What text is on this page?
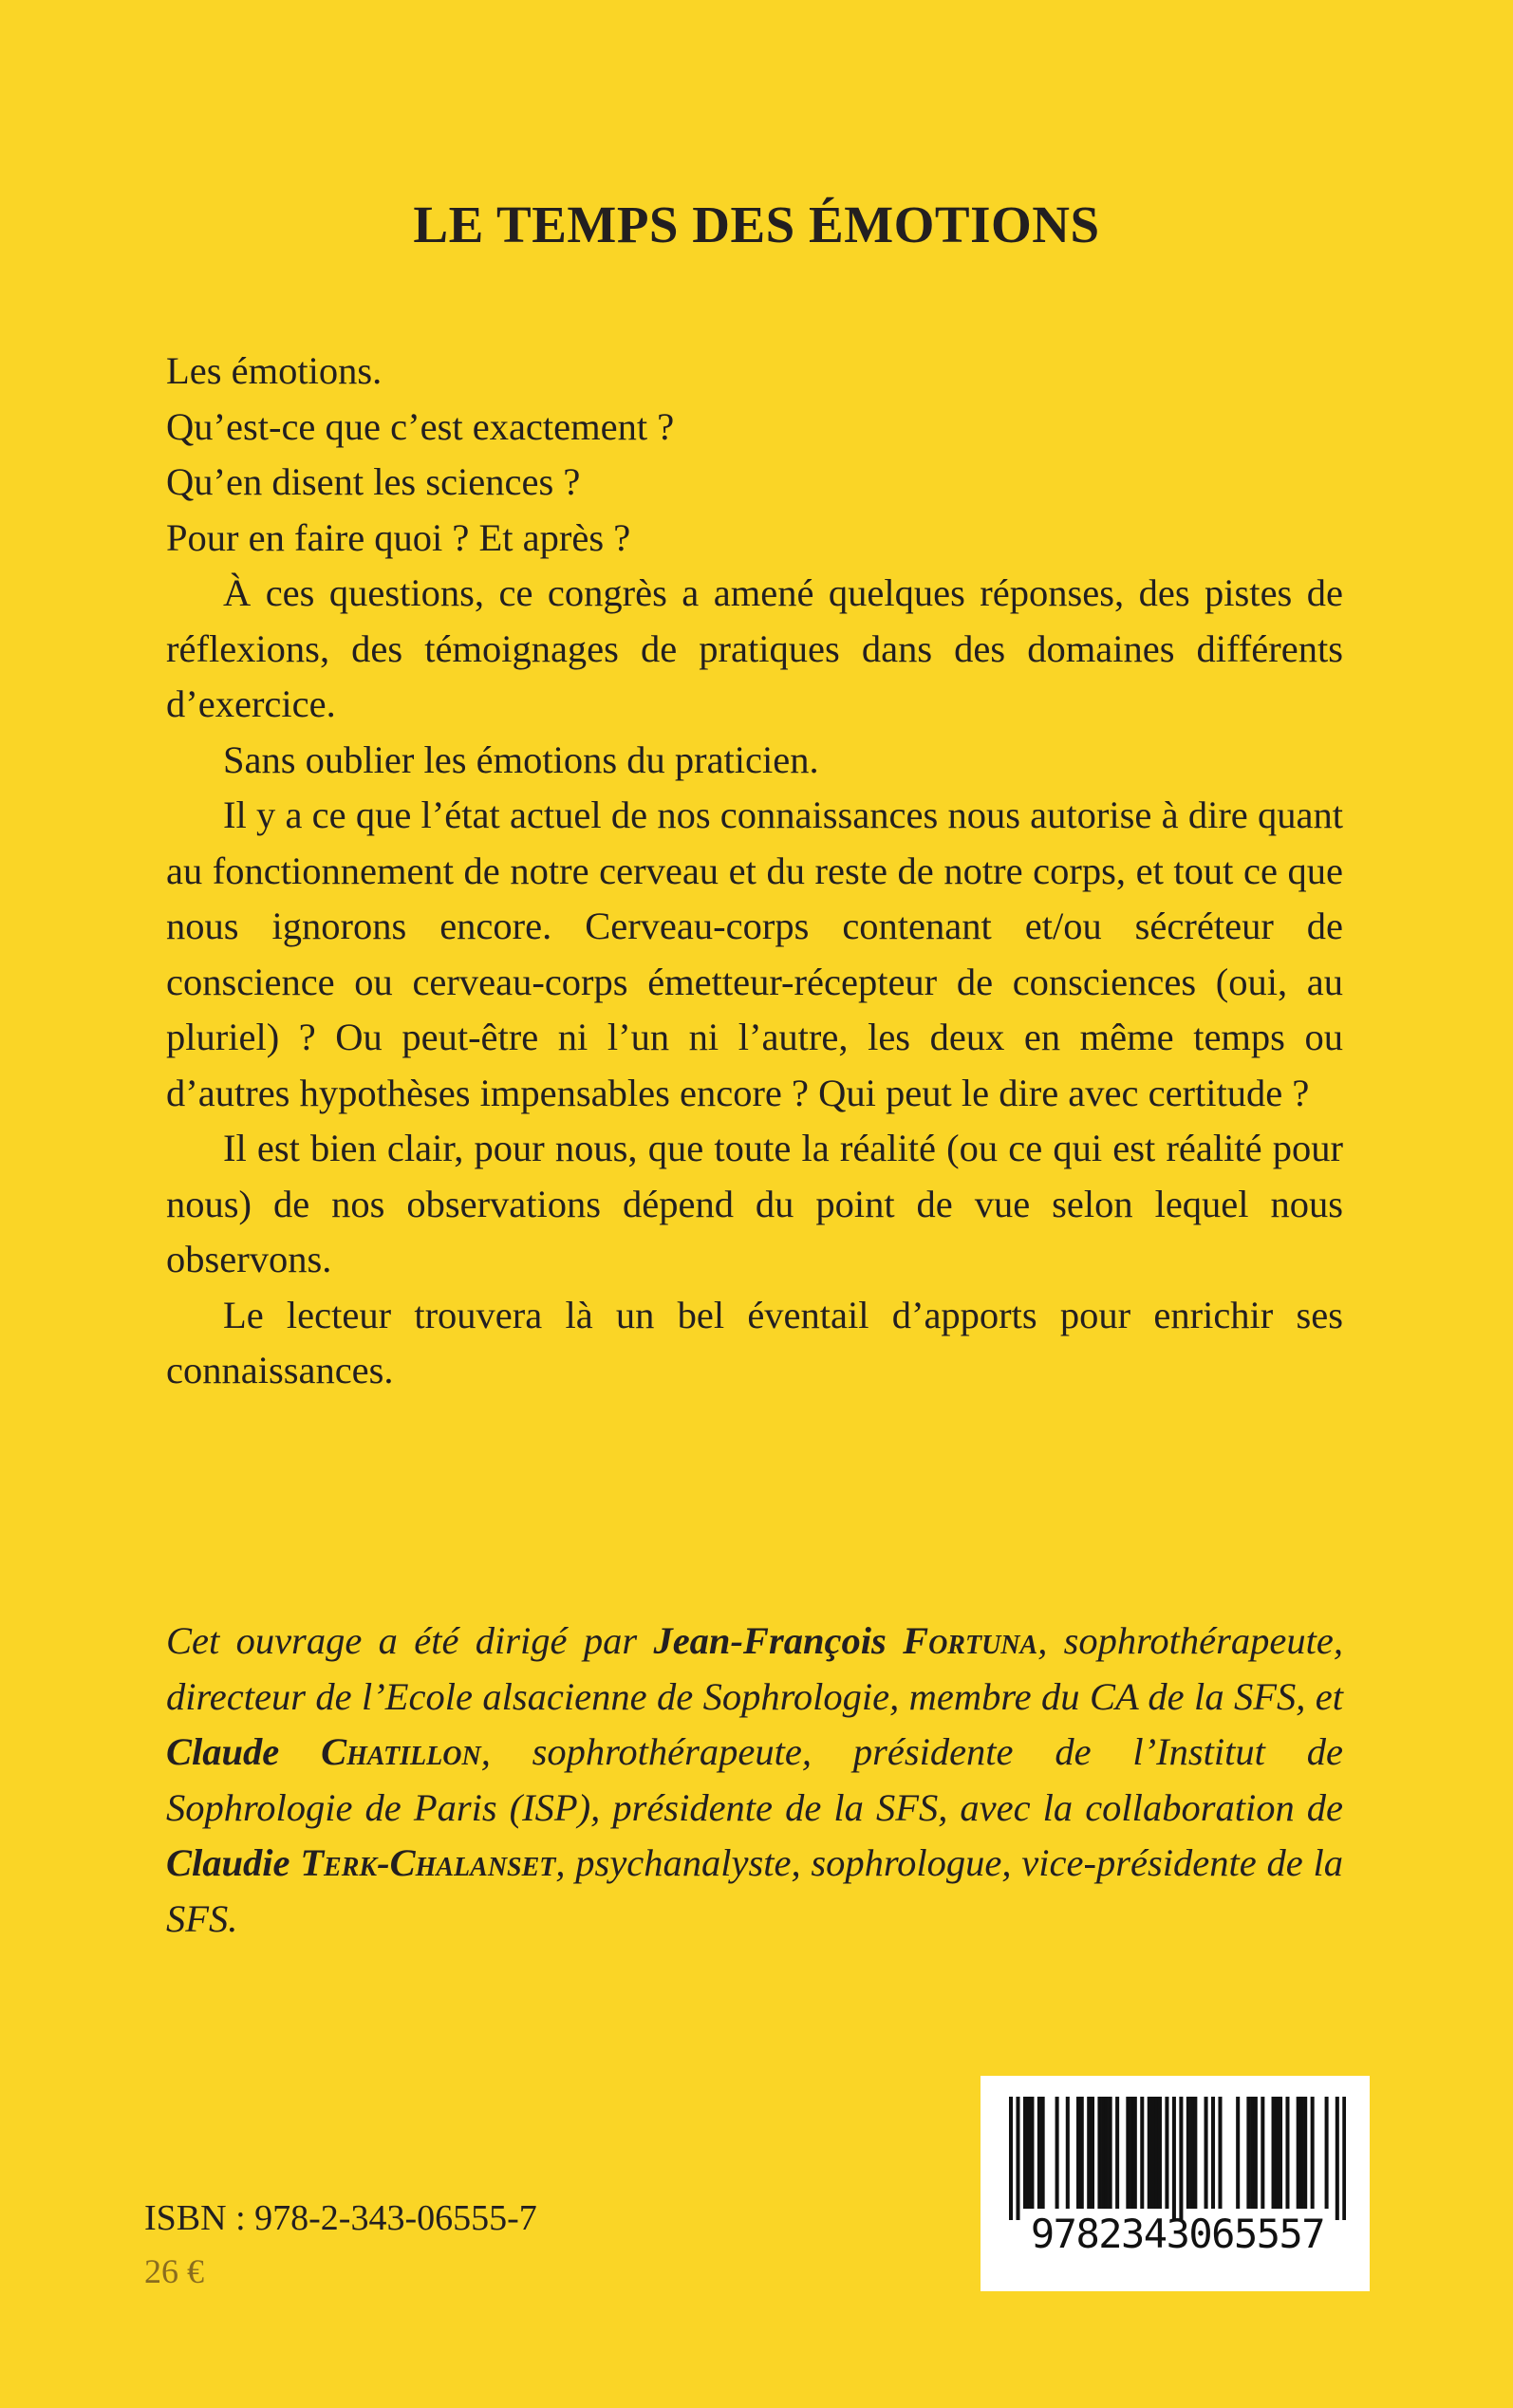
LE TEMPS DES ÉMOTIONS

Les émotions.

Qu’est-ce que c’est exactement ?

Qu’en disent les sciences ?

Pour en faire quoi ? Et après ?

À ces questions, ce congrès a amené quelques réponses, des pistes de réflexions, des témoignages de pratiques dans des domaines différents d’exercice.

Sans oublier les émotions du praticien.

Il y a ce que l’état actuel de nos connaissances nous autorise à dire quant au fonctionnement de notre cerveau et du reste de notre corps, et tout ce que nous ignorons encore. Cerveau-corps contenant et/ou sécréteur de conscience ou cerveau-corps émetteur-récepteur de consciences (oui, au pluriel) ? Ou peut-être ni l’un ni l’autre, les deux en même temps ou d’autres hypothèses impensables encore ? Qui peut le dire avec certitude ?

Il est bien clair, pour nous, que toute la réalité (ou ce qui est réalité pour nous) de nos observations dépend du point de vue selon lequel nous observons.

Le lecteur trouvera là un bel éventail d’apports pour enrichir ses connaissances.

Cet ouvrage a été dirigé par Jean-François Fortuna, sophrothérapeute, directeur de l’Ecole alsacienne de Sophrologie, membre du CA de la SFS, et Claude Chatillon, sophrothérapeute, présidente de l’Institut de Sophrologie de Paris (ISP), présidente de la SFS, avec la collaboration de Claudie Terk-Chalanset, psychanalyste, sophrologue, vice-présidente de la SFS.
9782343065557
ISBN : 978-2-343-06555-7
26 €
